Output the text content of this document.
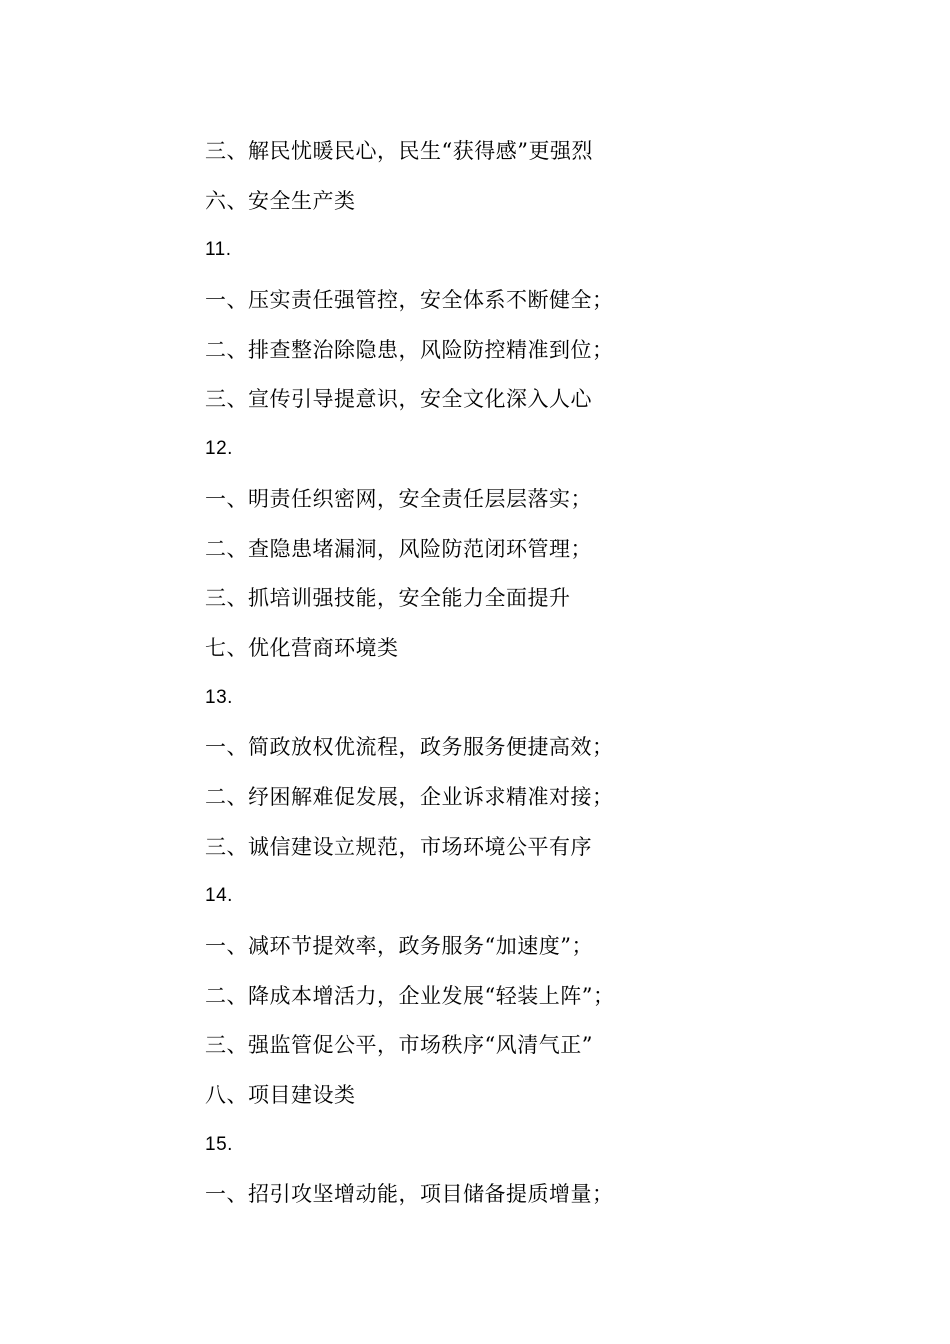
三、解民忧暖民心，民生“获得感”更强烈
六、安全生产类
11.
一、压实责任强管控，安全体系不断健全；
二、排查整治除隐患，风险防控精准到位；
三、宣传引导提意识，安全文化深入人心
12.
一、明责任织密网，安全责任层层落实；
二、查隐患堵漏洞，风险防范闭环管理；
三、抓培训强技能，安全能力全面提升
七、优化营商环境类
13.
一、简政放权优流程，政务服务便捷高效；
二、纾困解难促发展，企业诉求精准对接；
三、诚信建设立规范，市场环境公平有序
14.
一、减环节提效率，政务服务“加速度”；
二、降成本增活力，企业发展“轻装上阵”；
三、强监管促公平，市场秩序“风清气正”
八、项目建设类
15.
一、招引攻坚增动能，项目储备提质增量；
